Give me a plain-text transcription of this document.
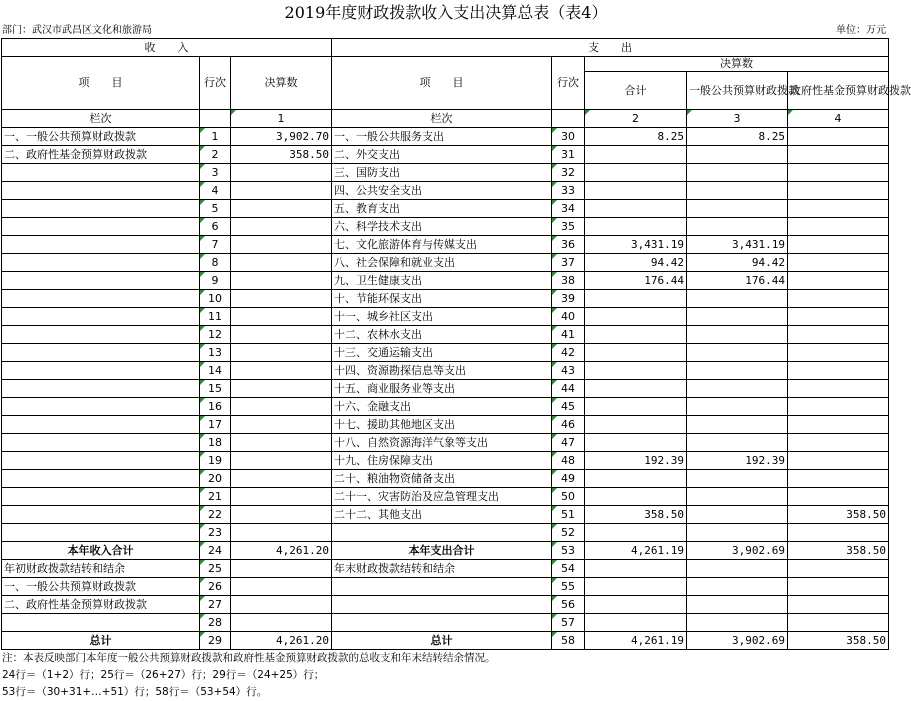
2019年度财政拨款收入支出决算总表（表4）
部门：武汉市武昌区文化和旅游局	单位：万元
收　　入			支　　出				
项　　目	行次	决算数	项　　目	行次	决算数		
					合计	一般公共预算财政拨款	政府性基金预算财政拨款
栏次		1	栏次		2	3	4
一、一般公共预算财政拨款	1	3,902.70	一、一般公共服务支出	30	8.25	8.25	
二、政府性基金预算财政拨款	2	358.50	二、外交支出	31			
	3		三、国防支出	32			
	4		四、公共安全支出	33			
	5		五、教育支出	34			
	6		六、科学技术支出	35			
	7		七、文化旅游体育与传媒支出	36	3,431.19	3,431.19	
	8		八、社会保障和就业支出	37	94.42	94.42	
	9		九、卫生健康支出	38	176.44	176.44	
	10		十、节能环保支出	39			
	11		十一、城乡社区支出	40			
	12		十二、农林水支出	41			
	13		十三、交通运输支出	42			
	14		十四、资源勘探信息等支出	43			
	15		十五、商业服务业等支出	44			
	16		十六、金融支出	45			
	17		十七、援助其他地区支出	46			
	18		十八、自然资源海洋气象等支出	47			
	19		十九、住房保障支出	48	192.39	192.39	
	20		二十、粮油物资储备支出	49			
	21		二十一、灾害防治及应急管理支出	50			
	22		二十二、其他支出	51	358.50		358.50
	23			52			
本年收入合计	24	4,261.20	本年支出合计	53	4,261.19	3,902.69	358.50
年初财政拨款结转和结余	25		年末财政拨款结转和结余	54			
一、一般公共预算财政拨款	26			55			
二、政府性基金预算财政拨款	27			56			
	28			57			
总计	29	4,261.20	总计	58	4,261.19	3,902.69	358.50
注：本表反映部门本年度一般公共预算财政拨款和政府性基金预算财政拨款的总收支和年末结转结余情况。
24行＝（1+2）行；25行＝（26+27）行；29行＝（24+25）行；
53行＝（30+31+…+51）行；58行＝（53+54）行。
